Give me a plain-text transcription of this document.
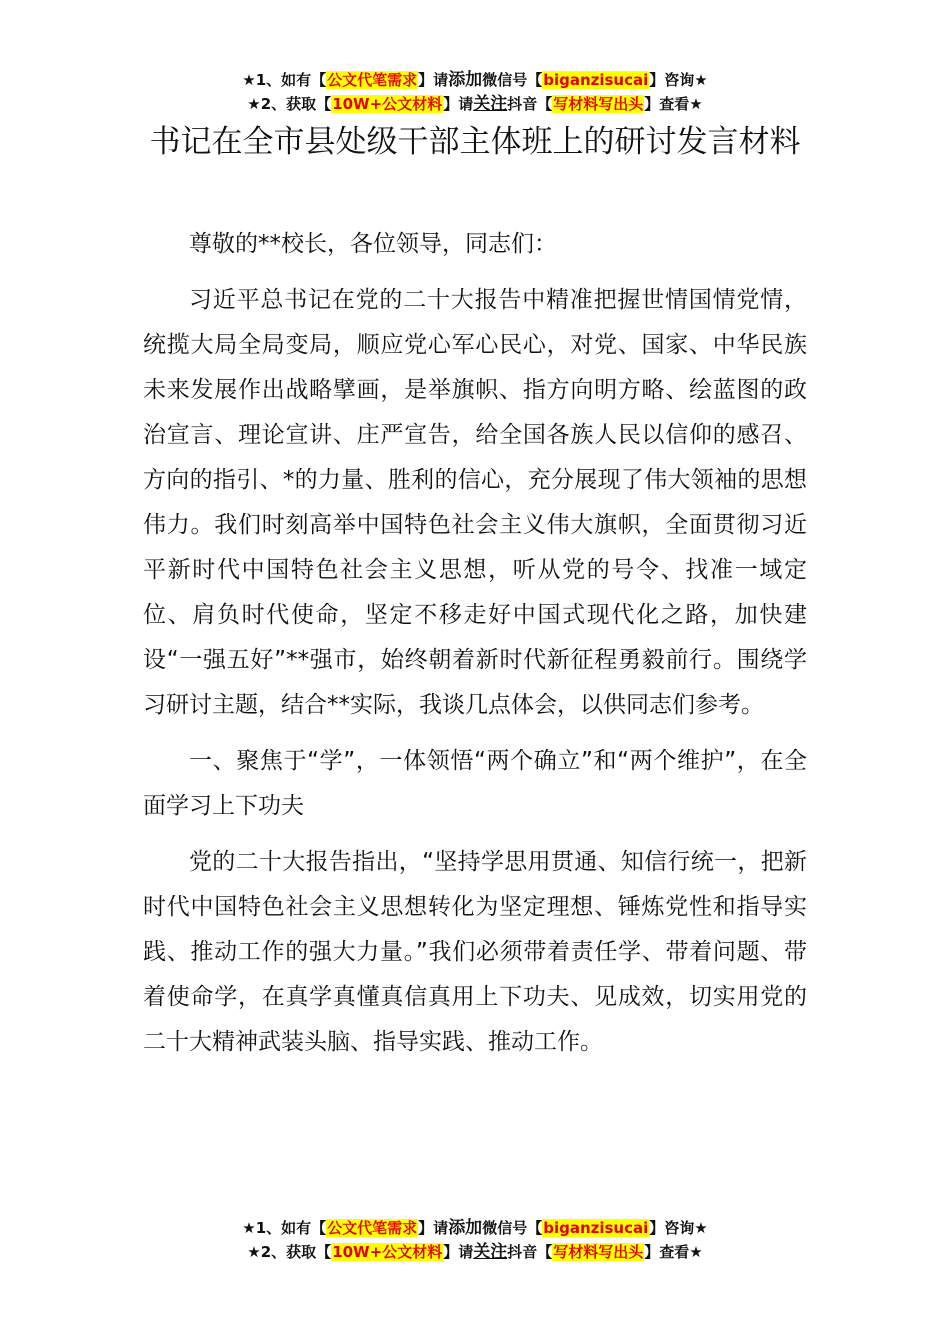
★1、如有【公文代笔需求】请添加微信号【biganzisucai】咨询★
★2、获取【10W+公文材料】请关注抖音【写材料写出头】查看★
书记在全市县处级干部主体班上的研讨发言材料

尊敬的**校长，各位领导，同志们：

习近平总书记在党的二十大报告中精准把握世情国情党情，统揽大局全局变局，顺应党心军心民心，对党、国家、中华民族未来发展作出战略擘画，是举旗帜、指方向明方略、绘蓝图的政治宣言、理论宣讲、庄严宣告，给全国各族人民以信仰的感召、方向的指引、*的力量、胜利的信心，充分展现了伟大领袖的思想伟力。我们时刻高举中国特色社会主义伟大旗帜，全面贯彻习近平新时代中国特色社会主义思想，听从党的号令、找准一域定位、肩负时代使命，坚定不移走好中国式现代化之路，加快建设“一强五好”**强市，始终朝着新时代新征程勇毅前行。围绕学习研讨主题，结合**实际，我谈几点体会，以供同志们参考。

一、聚焦于“学”，一体领悟“两个确立”和“两个维护”，在全面学习上下功夫

党的二十大报告指出，“坚持学思用贯通、知信行统一，把新时代中国特色社会主义思想转化为坚定理想、锤炼党性和指导实践、推动工作的强大力量。”我们必须带着责任学、带着问题、带着使命学，在真学真懂真信真用上下功夫、见成效，切实用党的二十大精神武装头脑、指导实践、推动工作。

★1、如有【公文代笔需求】请添加微信号【biganzisucai】咨询★
★2、获取【10W+公文材料】请关注抖音【写材料写出头】查看★
